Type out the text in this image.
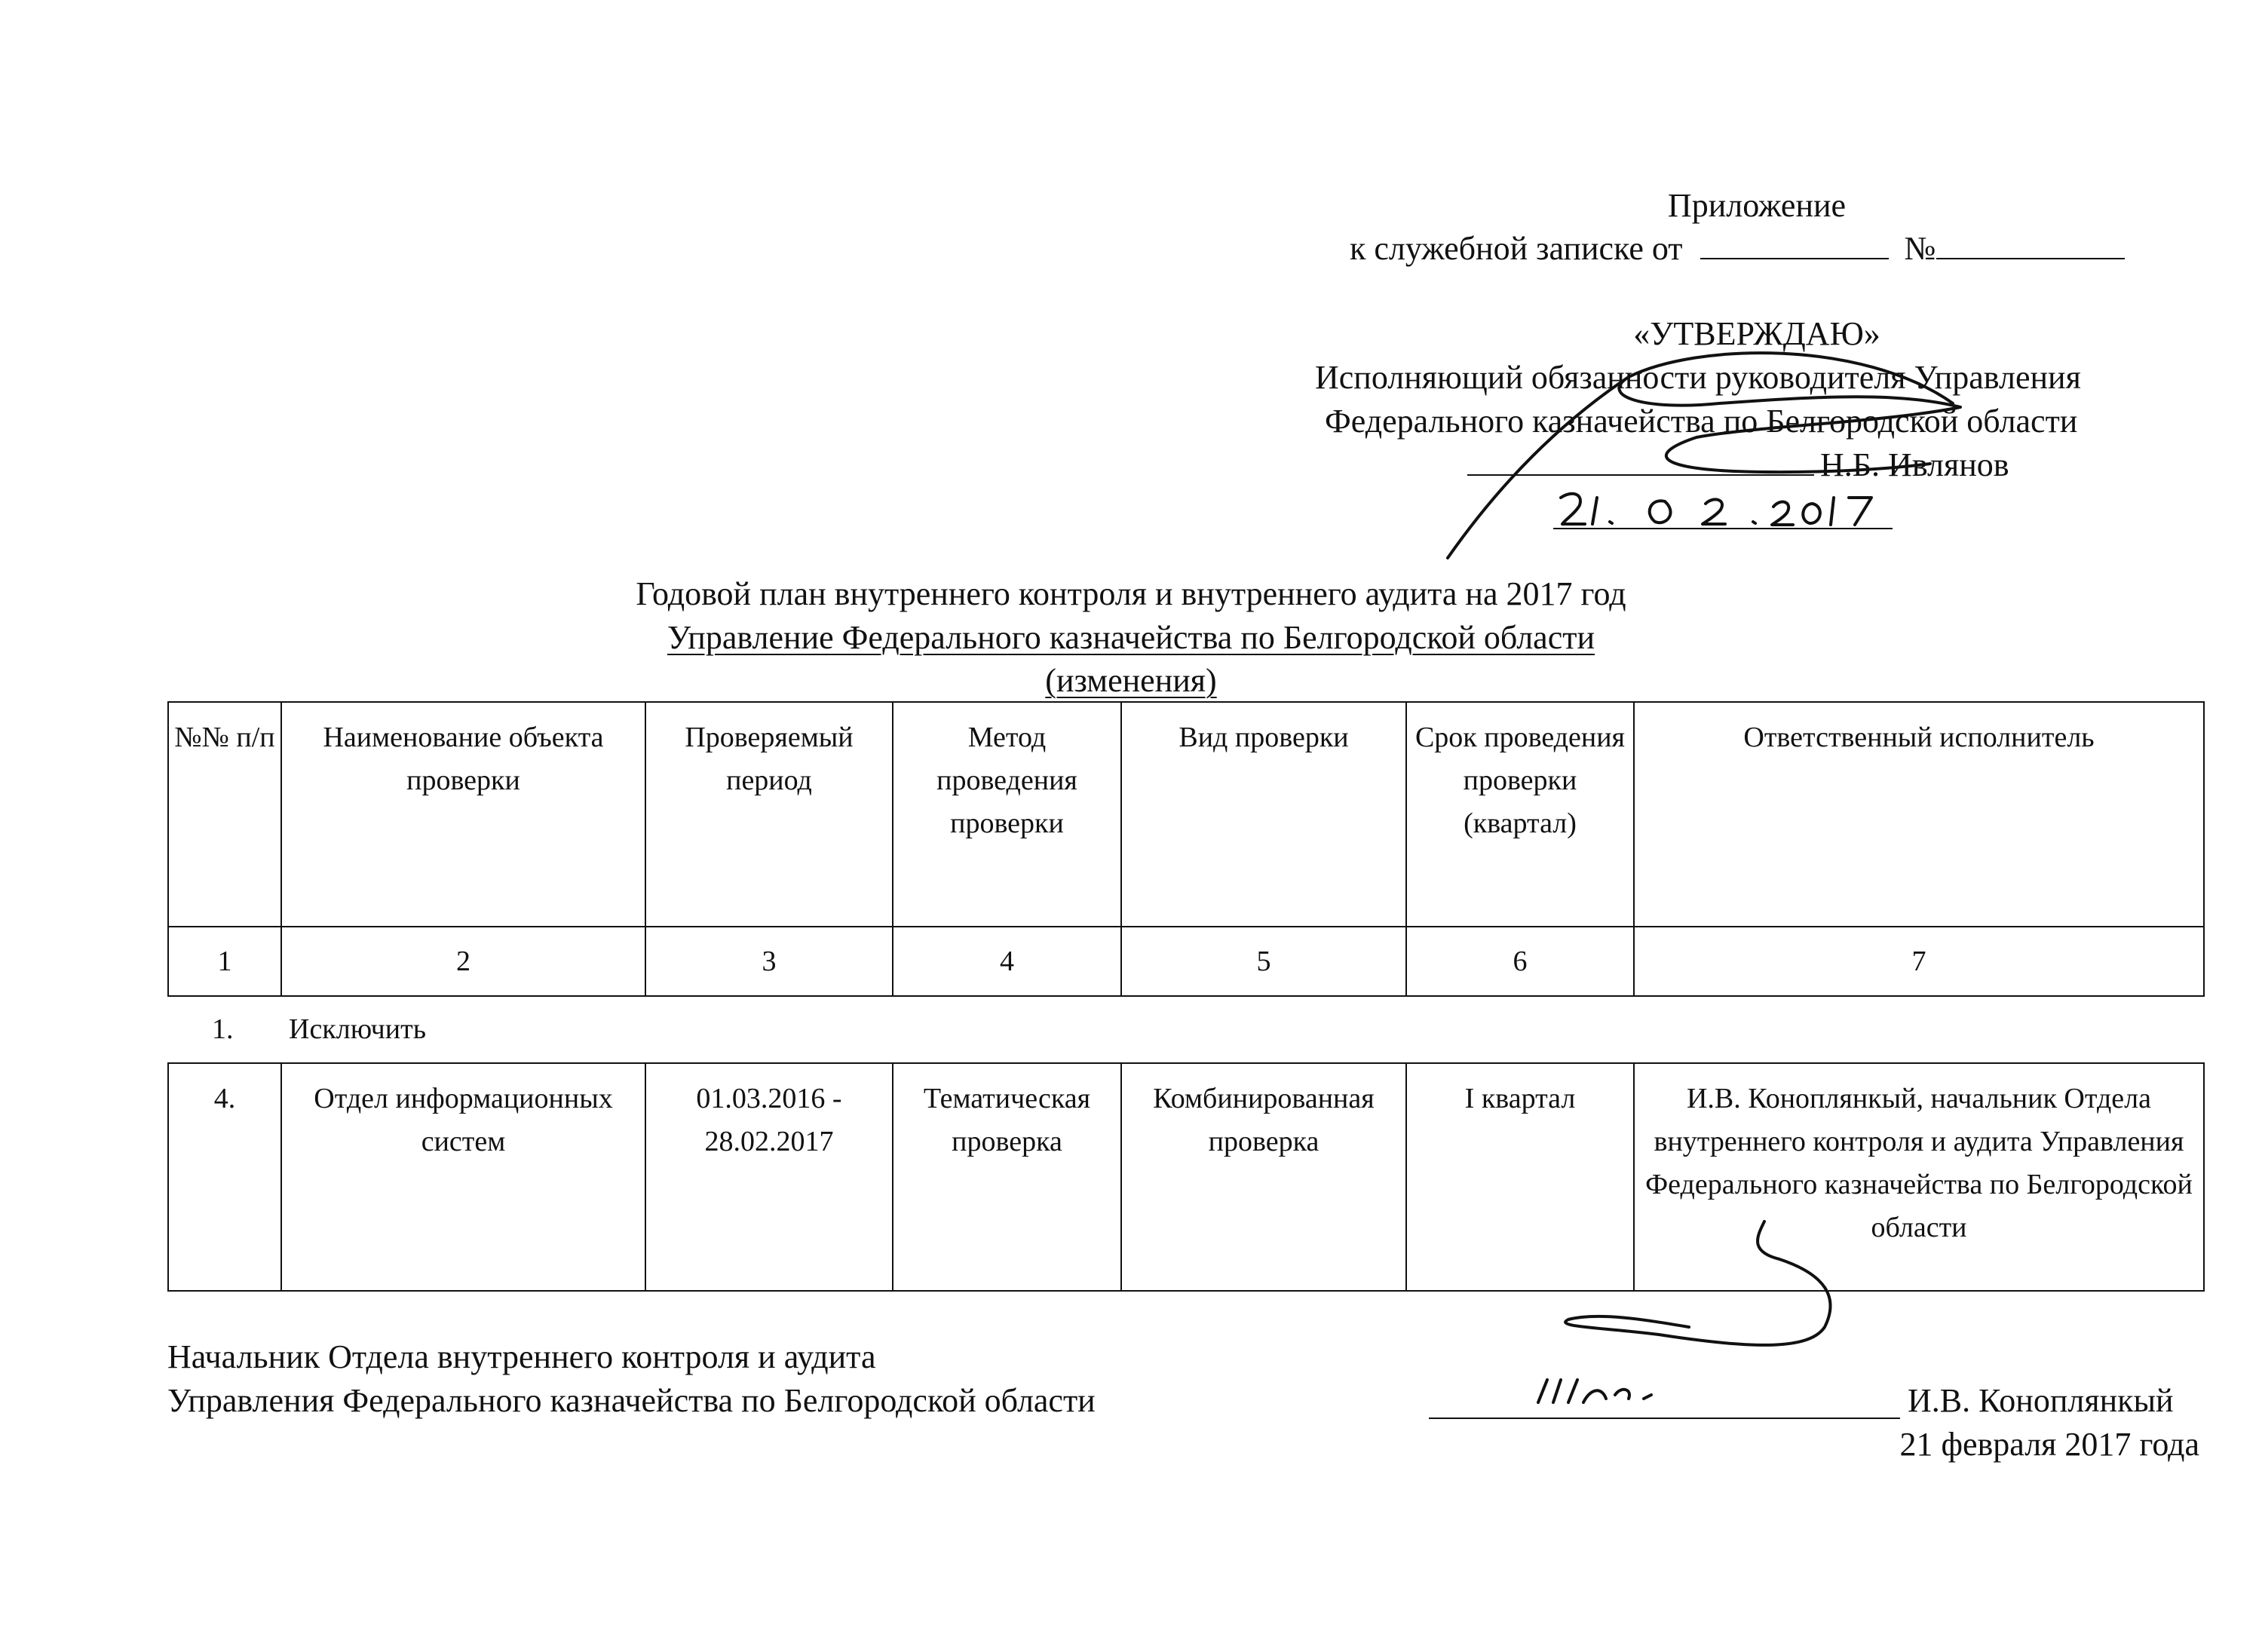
Приложение
к служебной записке от	№
«УТВЕРЖДАЮ»
Исполняющий обязанности руководителя Управления
Федерального казначейства по Белгородской области
Н.Б. Ивлянов
Годовой план внутреннего контроля и внутреннего аудита на 2017 год
Управление Федерального казначейства по Белгородской области
(изменения)
№№ п/п	Наименование объекта проверки	Проверяемый период	Метод проведения проверки	Вид проверки	Срок проведения проверки (квартал)	Ответственный исполнитель
1	2	3	4	5	6	7
1. Исключить
4.	Отдел информационных систем	01.03.2016 - 28.02.2017	Тематическая проверка	Комбинированная проверка	I квартал	И.В. Коноплянкый, начальник Отдела внутреннего контроля и аудита Управления Федерального казначейства по Белгородской области
Начальник Отдела внутреннего контроля и аудита
Управления Федерального казначейства по Белгородской области	И.В. Коноплянкый
21 февраля 2017 года
